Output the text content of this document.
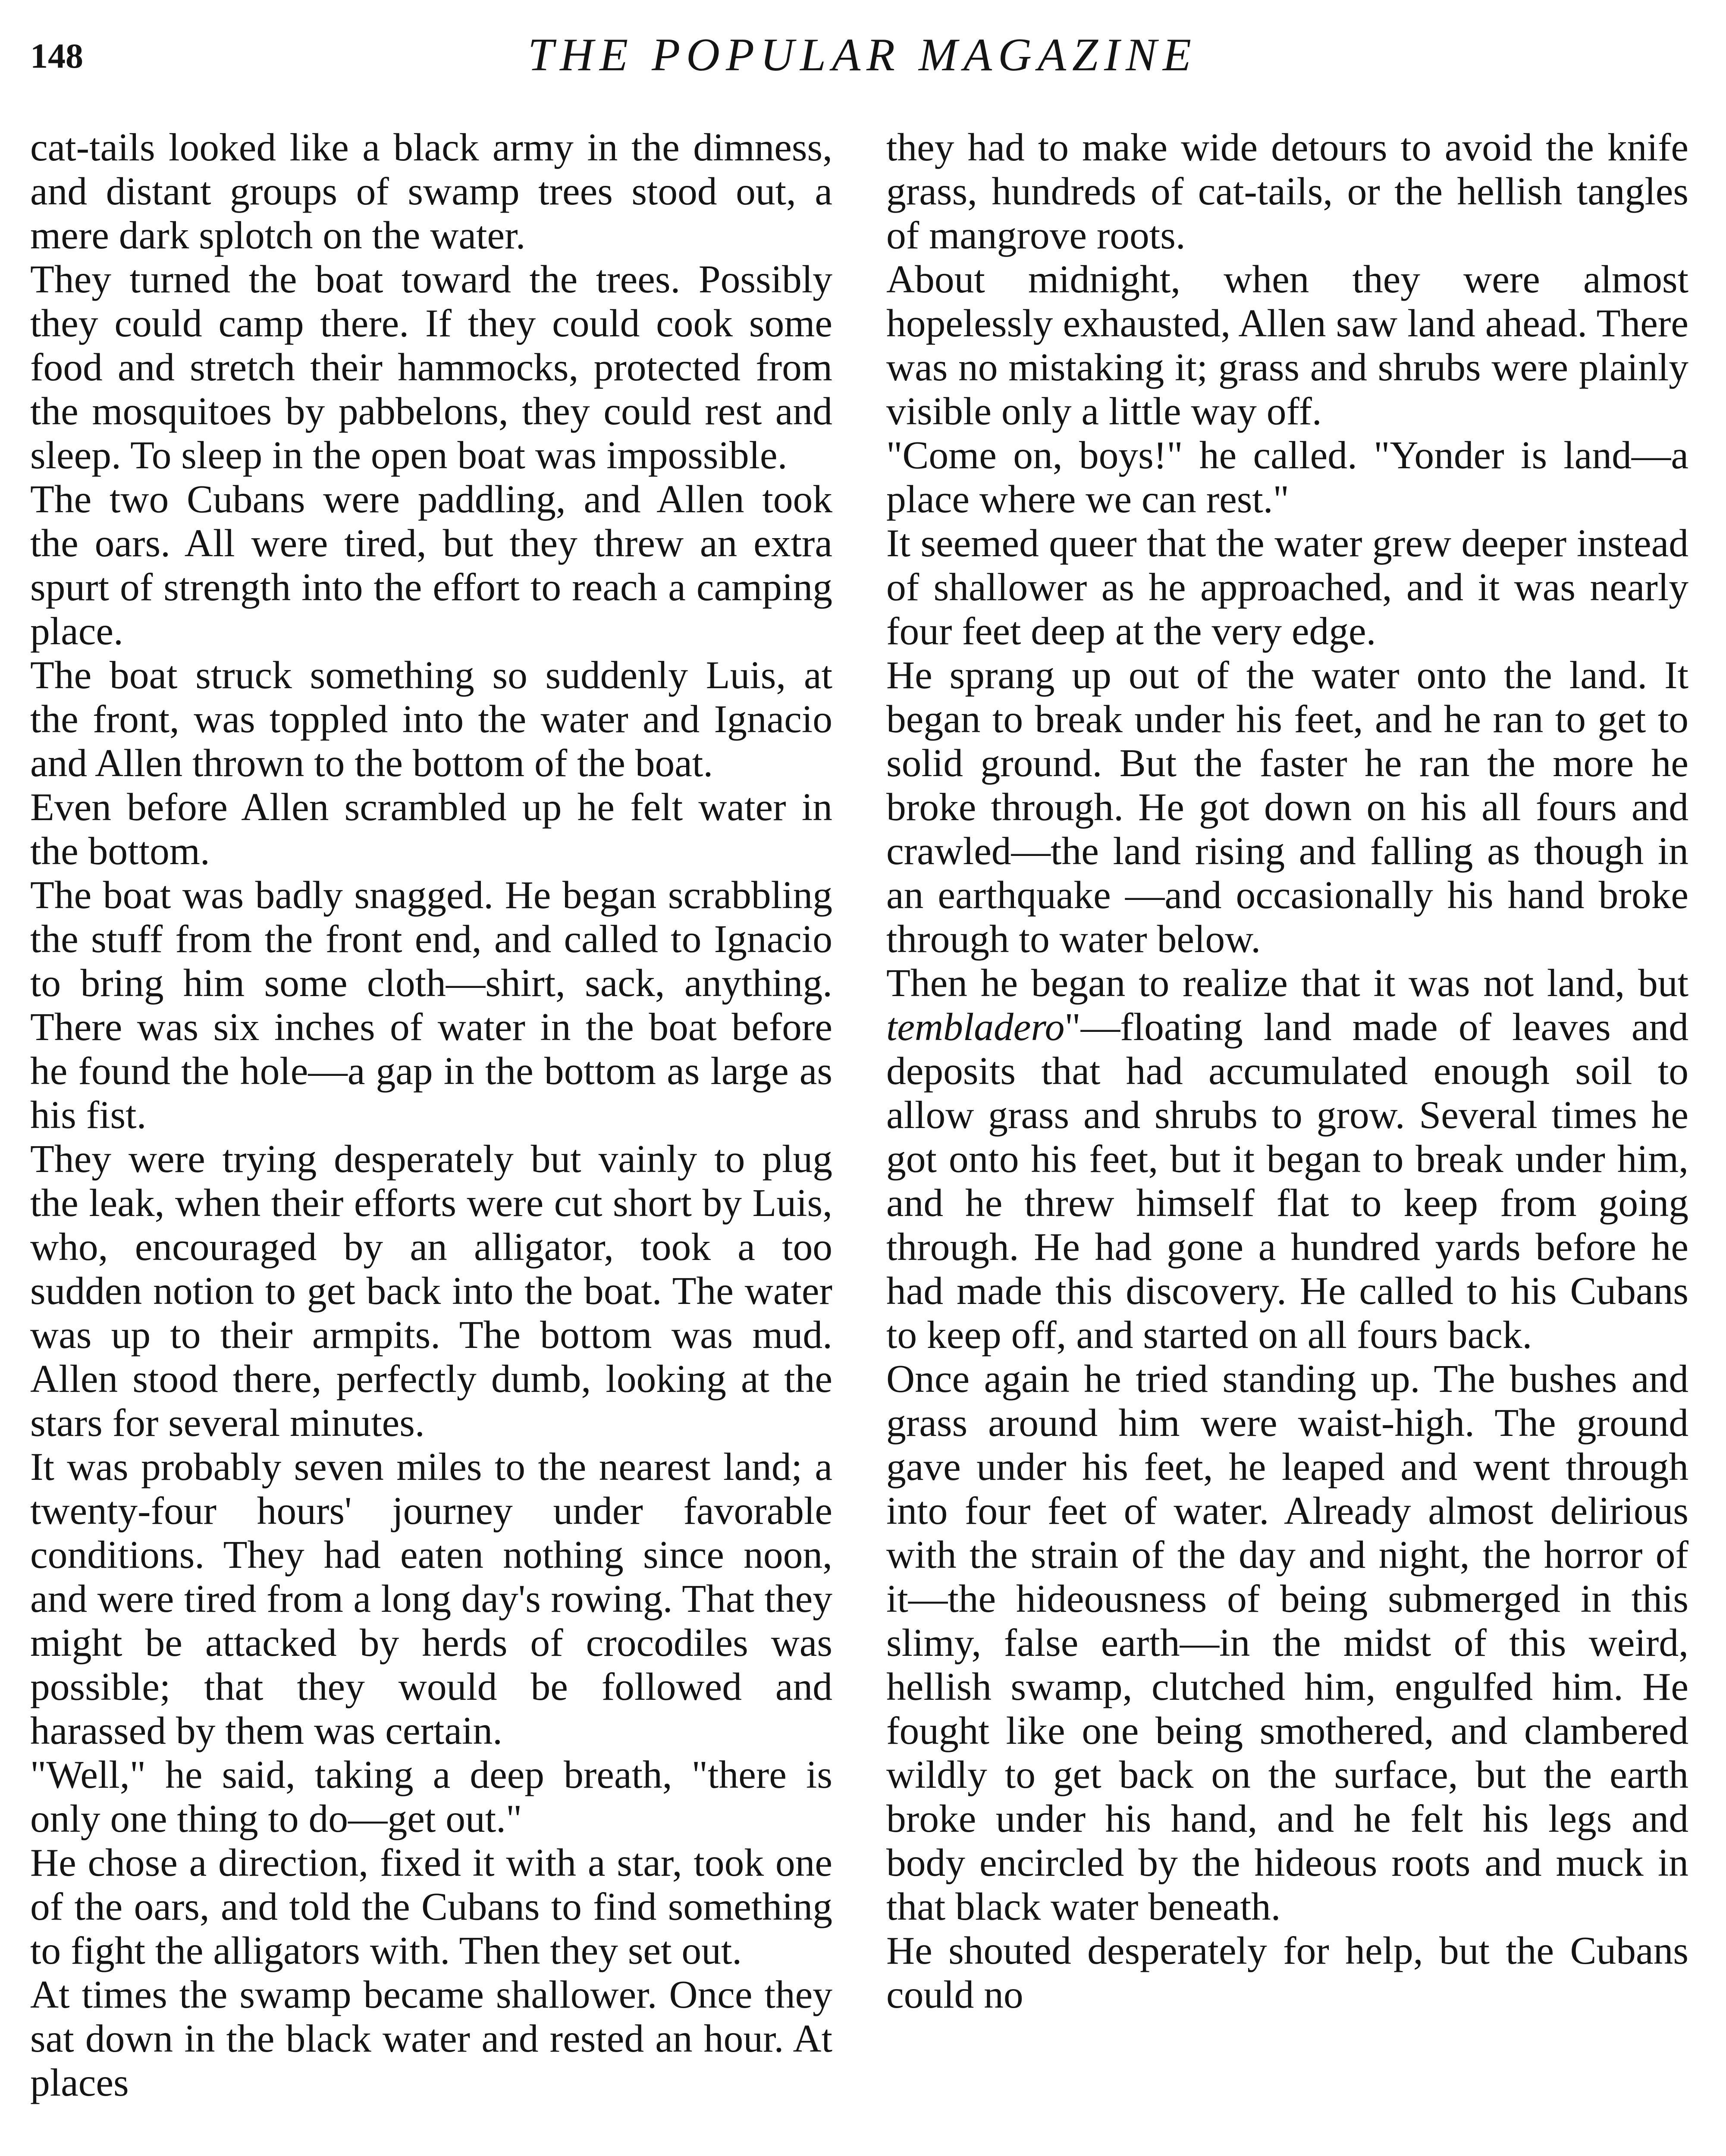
148	THE POPULAR MAGAZINE

cat-tails looked like a black army in the dimness, and distant groups of swamp trees stood out, a mere dark splotch on the water.

They turned the boat toward the trees. Possibly they could camp there. If they could cook some food and stretch their hammocks, protected from the mosquitoes by pabbelons, they could rest and sleep. To sleep in the open boat was impossible.

The two Cubans were paddling, and Allen took the oars. All were tired, but they threw an extra spurt of strength into the effort to reach a camping place.

The boat struck something so suddenly Luis, at the front, was toppled into the water and Ignacio and Allen thrown to the bottom of the boat.

Even before Allen scrambled up he felt water in the bottom.

The boat was badly snagged. He began scrabbling the stuff from the front end, and called to Ignacio to bring him some cloth—shirt, sack, anything. There was six inches of water in the boat before he found the hole—a gap in the bottom as large as his fist.

They were trying desperately but vainly to plug the leak, when their efforts were cut short by Luis, who, encouraged by an alligator, took a too sudden notion to get back into the boat. The water was up to their armpits. The bottom was mud. Allen stood there, perfectly dumb, looking at the stars for several minutes.

It was probably seven miles to the nearest land; a twenty-four hours' journey under favorable conditions. They had eaten nothing since noon, and were tired from a long day's rowing. That they might be attacked by herds of crocodiles was possible; that they would be followed and harassed by them was certain.

"Well," he said, taking a deep breath, "there is only one thing to do—get out."

He chose a direction, fixed it with a star, took one of the oars, and told the Cubans to find something to fight the alligators with. Then they set out.

At times the swamp became shallower. Once they sat down in the black water and rested an hour. At places

they had to make wide detours to avoid the knife grass, hundreds of cat-tails, or the hellish tangles of mangrove roots.

About midnight, when they were almost hopelessly exhausted, Allen saw land ahead. There was no mistaking it; grass and shrubs were plainly visible only a little way off.

"Come on, boys!" he called. "Yonder is land—a place where we can rest."

It seemed queer that the water grew deeper instead of shallower as he approached, and it was nearly four feet deep at the very edge.

He sprang up out of the water onto the land. It began to break under his feet, and he ran to get to solid ground. But the faster he ran the more he broke through. He got down on his all fours and crawled—the land rising and falling as though in an earthquake —and occasionally his hand broke through to water below.

Then he began to realize that it was not land, but tembladero"—floating land made of leaves and deposits that had accumulated enough soil to allow grass and shrubs to grow. Several times he got onto his feet, but it began to break under him, and he threw himself flat to keep from going through. He had gone a hundred yards before he had made this discovery. He called to his Cubans to keep off, and started on all fours back.

Once again he tried standing up. The bushes and grass around him were waist-high. The ground gave under his feet, he leaped and went through into four feet of water. Already almost delirious with the strain of the day and night, the horror of it—the hideousness of being submerged in this slimy, false earth—in the midst of this weird, hellish swamp, clutched him, engulfed him. He fought like one being smothered, and clambered wildly to get back on the surface, but the earth broke under his hand, and he felt his legs and body encircled by the hideous roots and muck in that black water beneath.

He shouted desperately for help, but the Cubans could no
